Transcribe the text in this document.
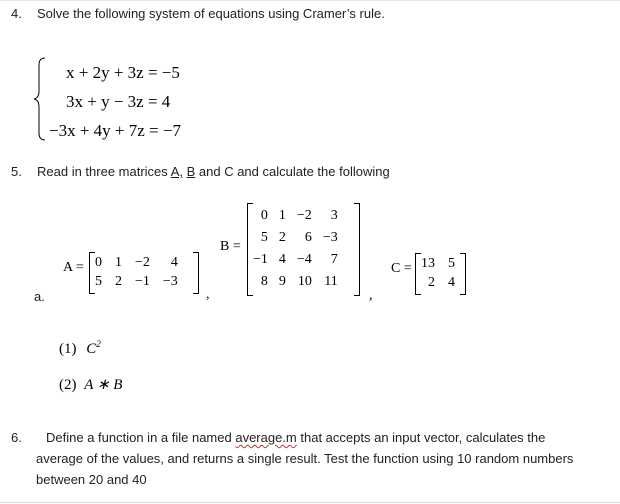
4. Solve the following system of equations using Cramer’s rule.
x + 2y + 3z = −5
3x + y − 3z = 4
−3x + 4y + 7z = −7
5. Read in three matrices A, B and C and calculate the following
A = 0 1 −2	4
5 2 −1 −3
,
B =
0 1 −2	3
5 2	6 −3
−1 4 −4	7
8 9 10 11
,
C = 13 5
2 4
a.
(1) $C^2$
(2) A ∗ B
6. Define a function in a file named average.m that accepts an input vector, calculates the
average of the values, and returns a single result. Test the function using 10 random numbers
between 20 and 40
